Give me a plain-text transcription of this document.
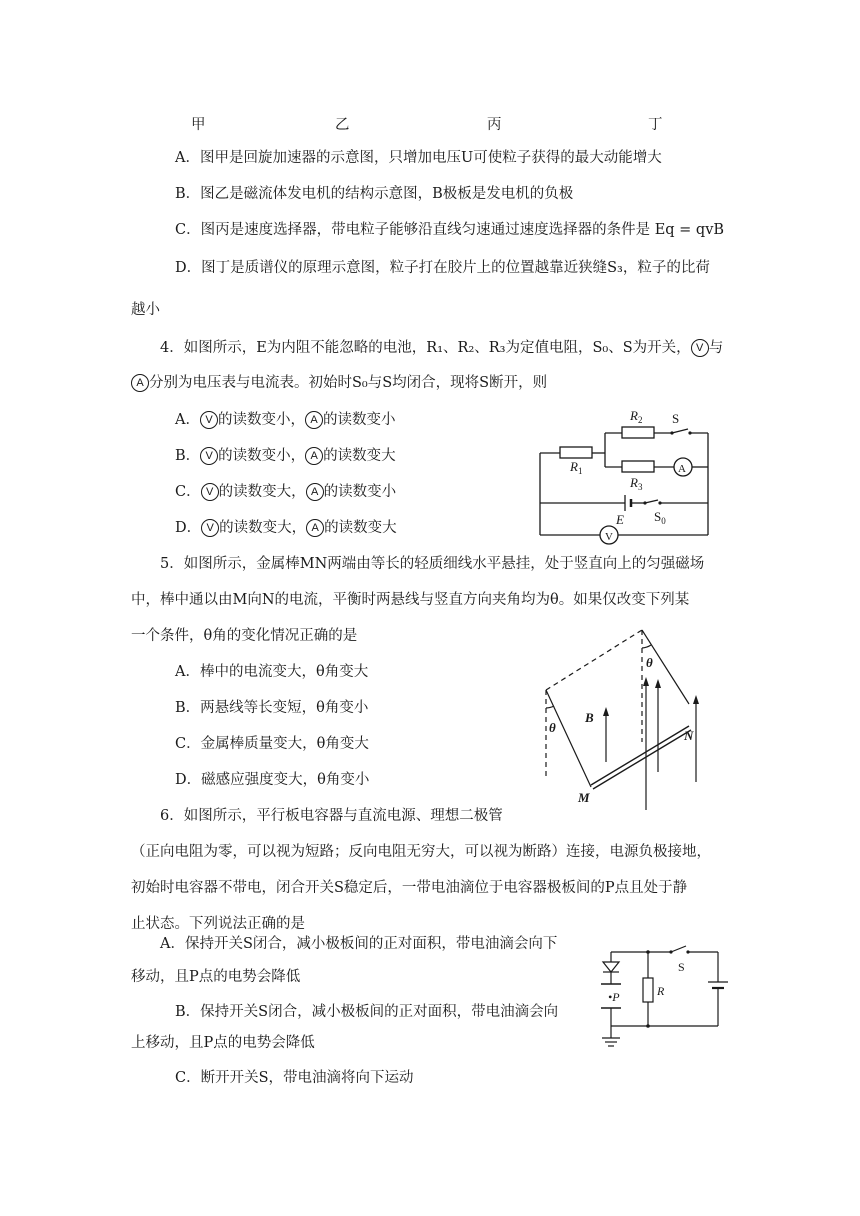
甲	乙	丙	丁
A．图甲是回旋加速器的示意图，只增加电压U可使粒子获得的最大动能增大
B．图乙是磁流体发电机的结构示意图，B极板是发电机的负极
C．图丙是速度选择器，带电粒子能够沿直线匀速通过速度选择器的条件是 Eq = qvB
D．图丁是质谱仪的原理示意图，粒子打在胶片上的位置越靠近狭缝S₃，粒子的比荷
越小
4．如图所示，E为内阻不能忽略的电池，R₁、R₂、R₃为定值电阻，S₀、S为开关， V 与
A 分别为电压表与电流表。初始时S₀与S均闭合，现将S断开，则
A． V 的读数变小， A 的读数变小
B． V 的读数变小， A 的读数变大
C． V 的读数变大， A 的读数变小
D． V 的读数变大， A 的读数变大
$R_1$
$R_2$
$R_3$
E
S
$S_0$
A
V
5．如图所示，金属棒MN两端由等长的轻质细线水平悬挂，处于竖直向上的匀强磁场
中，棒中通以由M向N的电流，平衡时两悬线与竖直方向夹角均为θ。如果仅改变下列某
一个条件，θ角的变化情况正确的是
A．棒中的电流变大，θ角变大
B．两悬线等长变短，θ角变小
C．金属棒质量变大，θ角变大
D．磁感应强度变大，θ角变小
B
M
N
θ
θ
6．如图所示，平行板电容器与直流电源、理想二极管
（正向电阻为零，可以视为短路；反向电阻无穷大，可以视为断路）连接，电源负极接地，
初始时电容器不带电，闭合开关S稳定后，一带电油滴位于电容器极板间的P点且处于静
止状态。下列说法正确的是
A．保持开关S闭合，减小极板间的正对面积，带电油滴会向下
移动，且P点的电势会降低
B．保持开关S闭合，减小极板间的正对面积，带电油滴会向
上移动，且P点的电势会降低
C．断开开关S，带电油滴将向下运动
S
R
•P
